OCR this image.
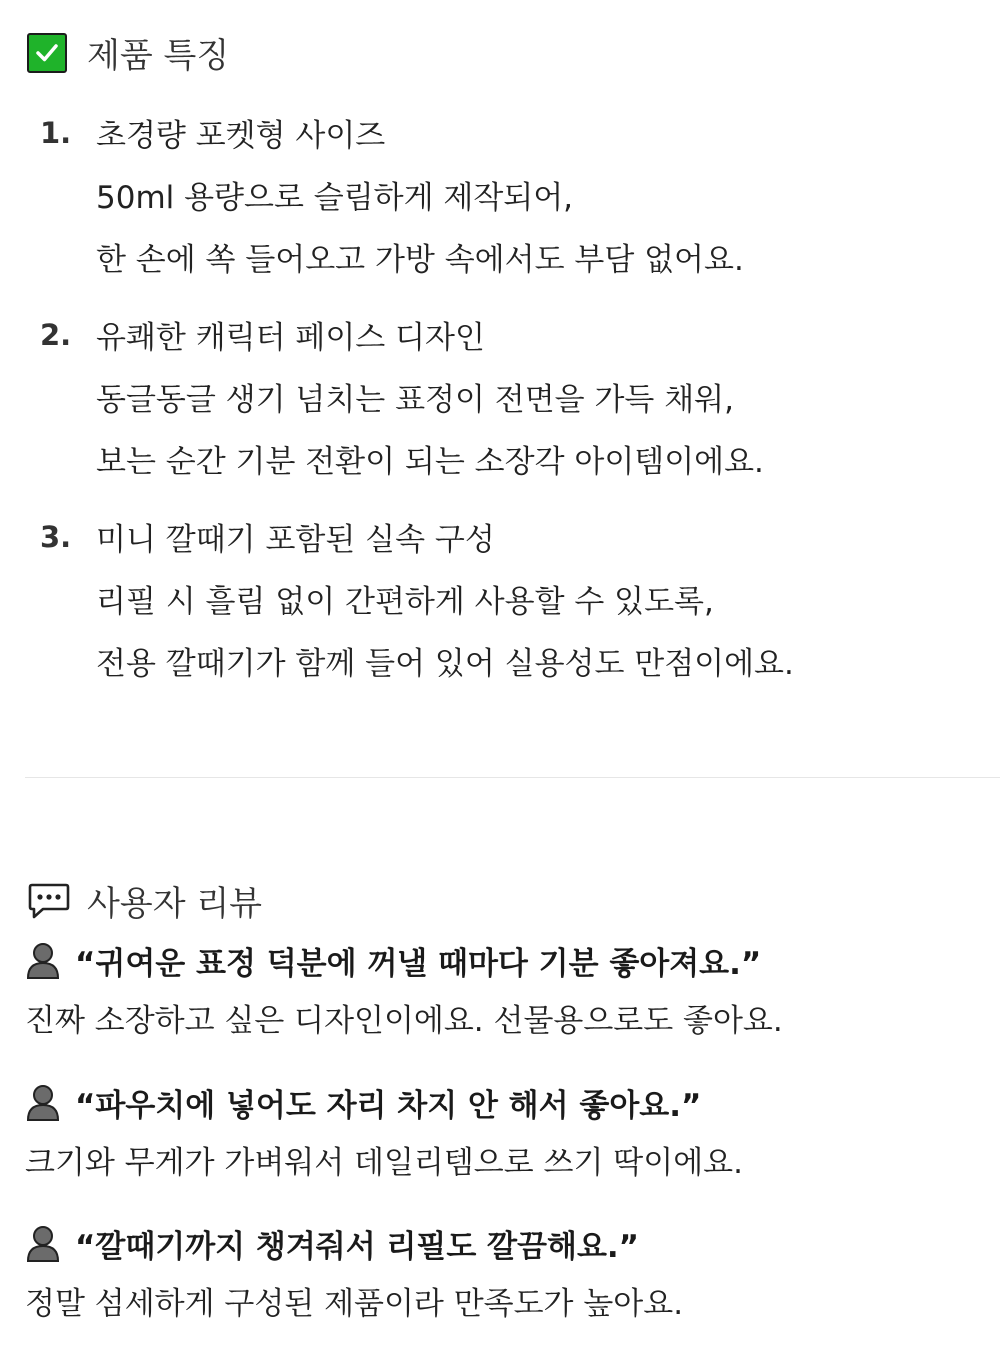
제품 특징
1. 초경량 포켓형 사이즈
50ml 용량으로 슬림하게 제작되어,
한 손에 쏙 들어오고 가방 속에서도 부담 없어요.
2. 유쾌한 캐릭터 페이스 디자인
동글동글 생기 넘치는 표정이 전면을 가득 채워,
보는 순간 기분 전환이 되는 소장각 아이템이에요.
3. 미니 깔때기 포함된 실속 구성
리필 시 흘림 없이 간편하게 사용할 수 있도록,
전용 깔때기가 함께 들어 있어 실용성도 만점이에요.
사용자 리뷰
“귀여운 표정 덕분에 꺼낼 때마다 기분 좋아져요.”
진짜 소장하고 싶은 디자인이에요. 선물용으로도 좋아요.
“파우치에 넣어도 자리 차지 안 해서 좋아요.”
크기와 무게가 가벼워서 데일리템으로 쓰기 딱이에요.
“깔때기까지 챙겨줘서 리필도 깔끔해요.”
정말 섬세하게 구성된 제품이라 만족도가 높아요.
